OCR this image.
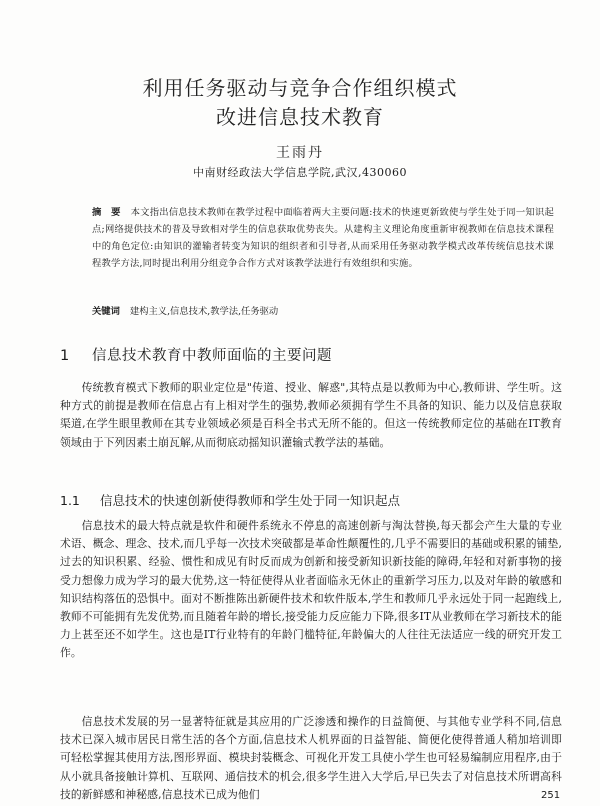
利用任务驱动与竞争合作组织模式
改进信息技术教育
王雨丹
中南财经政法大学信息学院,武汉,430060
摘　要 本文指出信息技术教师在教学过程中面临着两大主要问题:技术的快速更新致使与学生处于同一知识起点;网络提供技术的普及导致相对学生的信息获取优势丧失。从建构主义理论角度重新审视教师在信息技术课程中的角色定位:由知识的灌输者转变为知识的组织者和引导者,从而采用任务驱动教学模式改革传统信息技术课程教学方法,同时提出利用分组竞争合作方式对该教学法进行有效组织和实施。
关键词 建构主义,信息技术,教学法,任务驱动
1 信息技术教育中教师面临的主要问题
传统教育模式下教师的职业定位是"传道、授业、解惑",其特点是以教师为中心,教师讲、学生听。这种方式的前提是教师在信息占有上相对学生的强势,教师必须拥有学生不具备的知识、能力以及信息获取渠道,在学生眼里教师在其专业领域必须是百科全书式无所不能的。但这一传统教师定位的基础在IT教育领域由于下列因素土崩瓦解,从而彻底动摇知识灌输式教学法的基础。
1.1 信息技术的快速创新使得教师和学生处于同一知识起点
信息技术的最大特点就是软件和硬件系统永不停息的高速创新与淘汰替换,每天都会产生大量的专业术语、概念、理念、技术,而几乎每一次技术突破都是革命性颠覆性的,几乎不需要旧的基础或积累的铺垫,过去的知识积累、经验、惯性和成见有时反而成为创新和接受新知识新技能的障碍,年轻和对新事物的接受力想像力成为学习的最大优势,这一特征使得从业者面临永无休止的重新学习压力,以及对年龄的敏感和知识结构落伍的恐惧中。面对不断推陈出新硬件技术和软件版本,学生和教师几乎永远处于同一起跑线上,教师不可能拥有先发优势,而且随着年龄的增长,接受能力反应能力下降,很多IT从业教师在学习新技术的能力上甚至还不如学生。这也是IT行业特有的年龄门槛特征,年龄偏大的人往往无法适应一线的研究开发工作。
信息技术发展的另一显著特征就是其应用的广泛渗透和操作的日益简便、与其他专业学科不同,信息技术已深入城市居民日常生活的各个方面,信息技术人机界面的日益智能、简便化使得普通人稍加培训即可轻松掌握其使用方法,图形界面、模块封装概念、可视化开发工具使小学生也可轻易编制应用程序,由于从小就具备接触计算机、互联网、通信技术的机会,很多学生进入大学后,早已失去了对信息技术所谓高科技的新鲜感和神秘感,信息技术已成为他们	251
